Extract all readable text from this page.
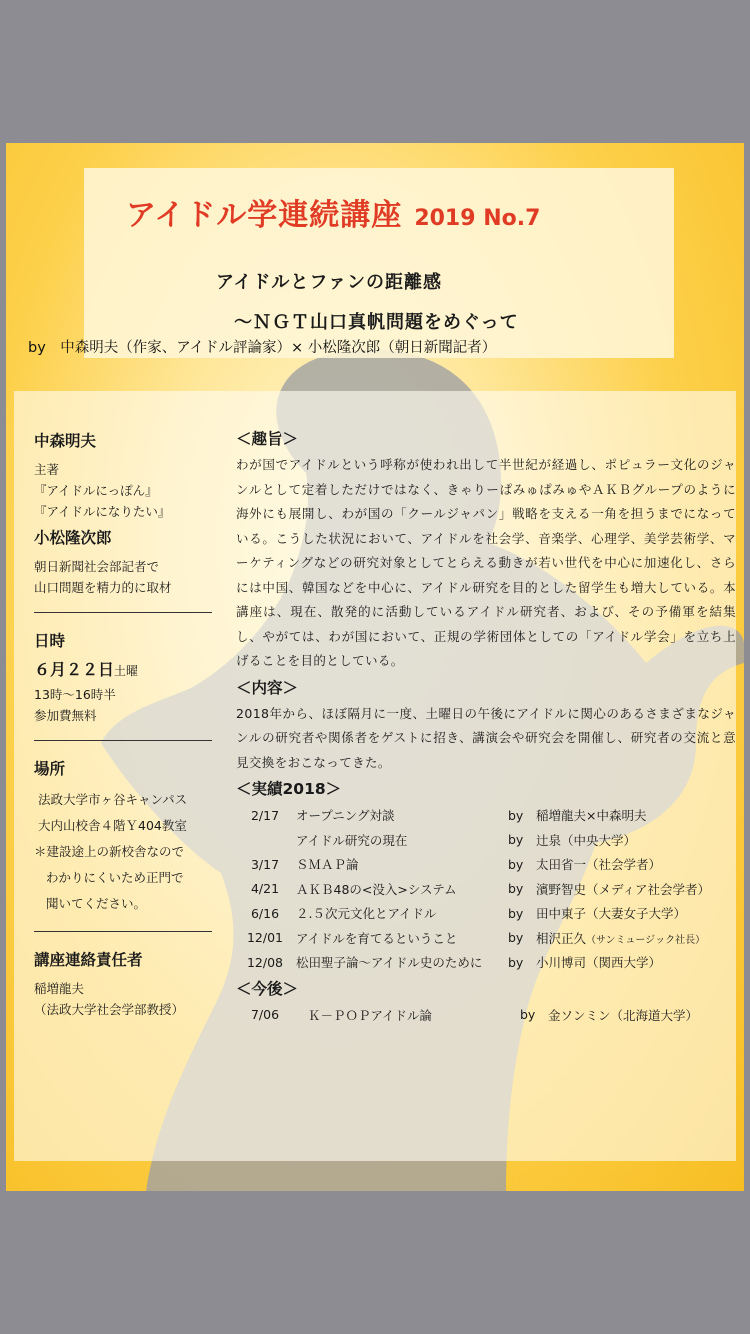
アイドル学連続講座 2019 No.7
アイドルとファンの距離感
～ＮＧＴ山口真帆問題をめぐって
by　中森明夫（作家、アイドル評論家）× 小松隆次郎（朝日新聞記者）

中森明夫

主著

『アイドルにっぽん』

『アイドルになりたい』

小松隆次郎

朝日新聞社会部記者で

山口問題を精力的に取材

日時

６月２２日土曜

13時～16時半

参加費無料

場所

法政大学市ヶ谷キャンパス

大内山校舎４階Ｙ404教室

＊建設途上の新校舎なので

わかりにくいため正門で

聞いてください。

講座連絡責任者

稲増龍夫

（法政大学社会学部教授）

＜趣旨＞

わが国でアイドルという呼称が使われ出して半世紀が経過し、ポピュラー文化のジャンルとして定着しただけではなく、きゃりーぱみゅぱみゅやＡＫＢグループのように海外にも展開し、わが国の「クールジャパン」戦略を支える一角を担うまでになっている。こうした状況において、アイドルを社会学、音楽学、心理学、美学芸術学、マーケティングなどの研究対象としてとらえる動きが若い世代を中心に加速化し、さらには中国、韓国などを中心に、アイドル研究を目的とした留学生も増大している。本講座は、現在、散発的に活動しているアイドル研究者、および、その予備軍を結集し、やがては、わが国において、正規の学術団体としての「アイドル学会」を立ち上げることを目的としている。

＜内容＞

2018年から、ほぼ隔月に一度、土曜日の午後にアイドルに関心のあるさまざまなジャンルの研究者や関係者をゲストに招き、講演会や研究会を開催し、研究者の交流と意見交換をおこなってきた。

＜実績2018＞

2/17	オープニング対談	by	稲増龍夫×中森明夫
	アイドル研究の現在	by	辻泉（中央大学）
3/17	ＳＭＡＰ論	by	太田省一（社会学者）
4/21	ＡＫＢ48の<没入>システム	by	濱野智史（メディア社会学者）
6/16	２.５次元文化とアイドル	by	田中東子（大妻女子大学）
12/01	アイドルを育てるということ	by	相沢正久（サンミュージック社長）
12/08	松田聖子論～アイドル史のために	by	小川博司（関西大学）

＜今後＞

7/06	Ｋ－ＰＯＰアイドル論	by	金ソンミン（北海道大学）
